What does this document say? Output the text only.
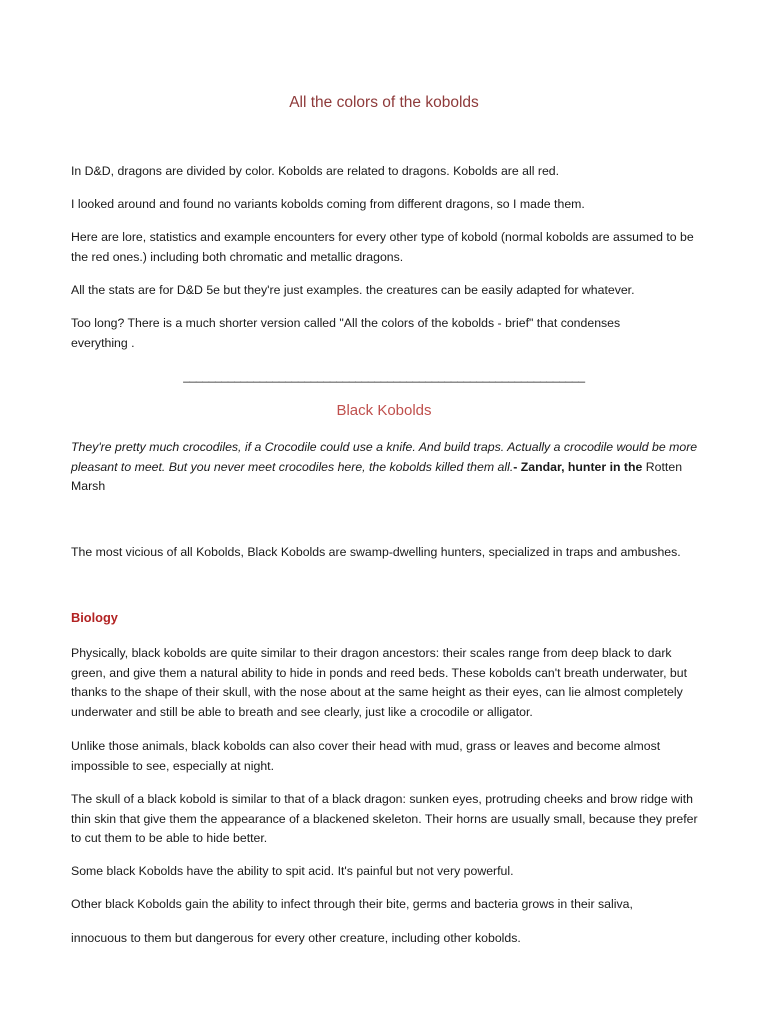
All the colors of the kobolds

In D&D, dragons are divided by color. Kobolds are related to dragons. Kobolds are all red.

I looked around and found no variants kobolds coming from different dragons, so I made them.

Here are lore, statistics and example encounters for every other type of kobold (normal kobolds are assumed to be the red ones.) including both chromatic and metallic dragons.

All the stats are for D&D 5e but they're just examples. the creatures can be easily adapted for whatever.

Too long? There is a much shorter version called "All the colors of the kobolds - brief" that condenses everything .

_______________________________________________________________
Black Kobolds

They're pretty much crocodiles, if a Crocodile could use a knife. And build traps. Actually a crocodile would be more pleasant to meet. But you never meet crocodiles here, the kobolds killed them all.- Zandar, hunter in the Rotten Marsh

The most vicious of all Kobolds, Black Kobolds are swamp-dwelling hunters, specialized in traps and ambushes.

Biology

Physically, black kobolds are quite similar to their dragon ancestors: their scales range from deep black to dark green, and give them a natural ability to hide in ponds and reed beds. These kobolds can't breath underwater, but thanks to the shape of their skull, with the nose about at the same height as their eyes, can lie almost completely underwater and still be able to breath and see clearly, just like a crocodile or alligator.

Unlike those animals, black kobolds can also cover their head with mud, grass or leaves and become almost impossible to see, especially at night.

The skull of a black kobold is similar to that of a black dragon: sunken eyes, protruding cheeks and brow ridge with thin skin that give them the appearance of a blackened skeleton. Their horns are usually small, because they prefer to cut them to be able to hide better.

Some black Kobolds have the ability to spit acid. It's painful but not very powerful.

Other black Kobolds gain the ability to infect through their bite, germs and bacteria grows in their saliva,

innocuous to them but dangerous for every other creature, including other kobolds.
